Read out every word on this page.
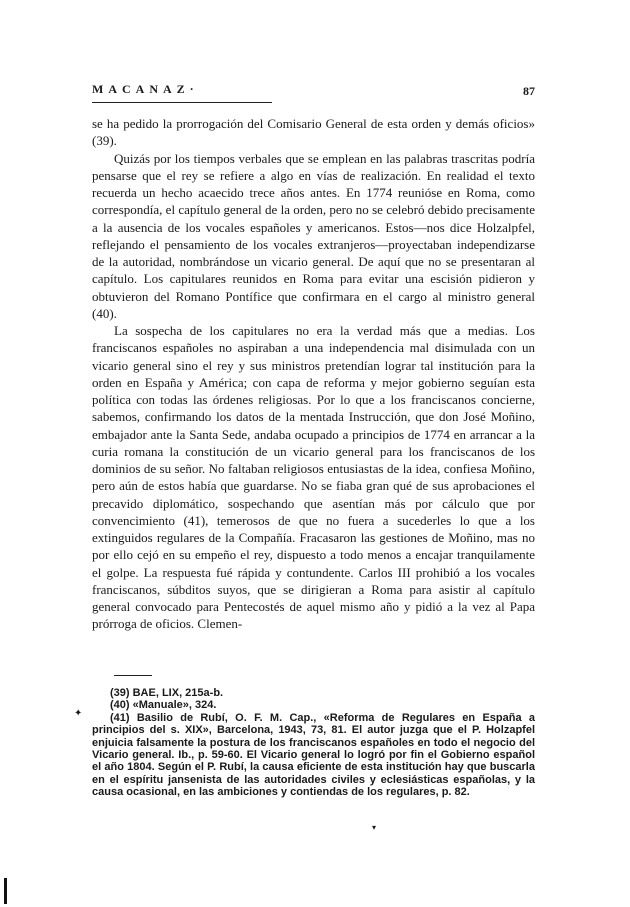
MACANAZ·	87

se ha pedido la prorrogación del Comisario General de esta orden y demás oficios» (39).

Quizás por los tiempos verbales que se emplean en las palabras trascritas podría pensarse que el rey se refiere a algo en vías de realización. En realidad el texto recuerda un hecho acaecido trece años antes. En 1774 reunióse en Roma, como correspondía, el capítulo general de la orden, pero no se celebró debido precisamente a la ausencia de los vocales españoles y americanos. Estos—nos dice Holzalpfel, reflejando el pensamiento de los vocales extranjeros—proyectaban independizarse de la autoridad, nombrándose un vicario general. De aquí que no se presentaran al capítulo. Los capitulares reunidos en Roma para evitar una escisión pidieron y obtuvieron del Romano Pontífice que confirmara en el cargo al ministro general (40).

La sospecha de los capitulares no era la verdad más que a medias. Los franciscanos españoles no aspiraban a una independencia mal disimulada con un vicario general sino el rey y sus ministros pretendían lograr tal institución para la orden en España y América; con capa de reforma y mejor gobierno seguían esta política con todas las órdenes religiosas. Por lo que a los franciscanos concierne, sabemos, confirmando los datos de la mentada Instrucción, que don José Moñino, embajador ante la Santa Sede, andaba ocupado a principios de 1774 en arrancar a la curia romana la constitución de un vicario general para los franciscanos de los dominios de su señor. No faltaban religiosos entusiastas de la idea, confiesa Moñino, pero aún de estos había que guardarse. No se fiaba gran qué de sus aprobaciones el precavido diplomático, sospechando que asentían más por cálculo que por convencimiento (41), temerosos de que no fuera a sucederles lo que a los extinguidos regulares de la Compañía. Fracasaron las gestiones de Moñino, mas no por ello cejó en su empeño el rey, dispuesto a todo menos a encajar tranquilamente el golpe. La respuesta fué rápida y contundente. Carlos III prohibió a los vocales franciscanos, súbditos suyos, que se dirigieran a Roma para asistir al capítulo general convocado para Pentecostés de aquel mismo año y pidió a la vez al Papa prórroga de oficios. Clemen-

(39) BAE, LIX, 215a-b.

(40) «Manuale», 324.

(41) Basilio de Rubí, O. F. M. Cap., «Reforma de Regulares en España a principios del s. XIX», Barcelona, 1943, 73, 81. El autor juzga que el P. Holzapfel enjuicia falsamente la postura de los franciscanos españoles en todo el negocio del Vicario general. Ib., p. 59-60. El Vicario general lo logró por fin el Gobierno español el año 1804. Según el P. Rubí, la causa eficiente de esta institución hay que buscarla en el espíritu jansenista de las autoridades civiles y eclesiásticas españolas, y la causa ocasional, en las ambiciones y contiendas de los regulares, p. 82.

✦
▾
